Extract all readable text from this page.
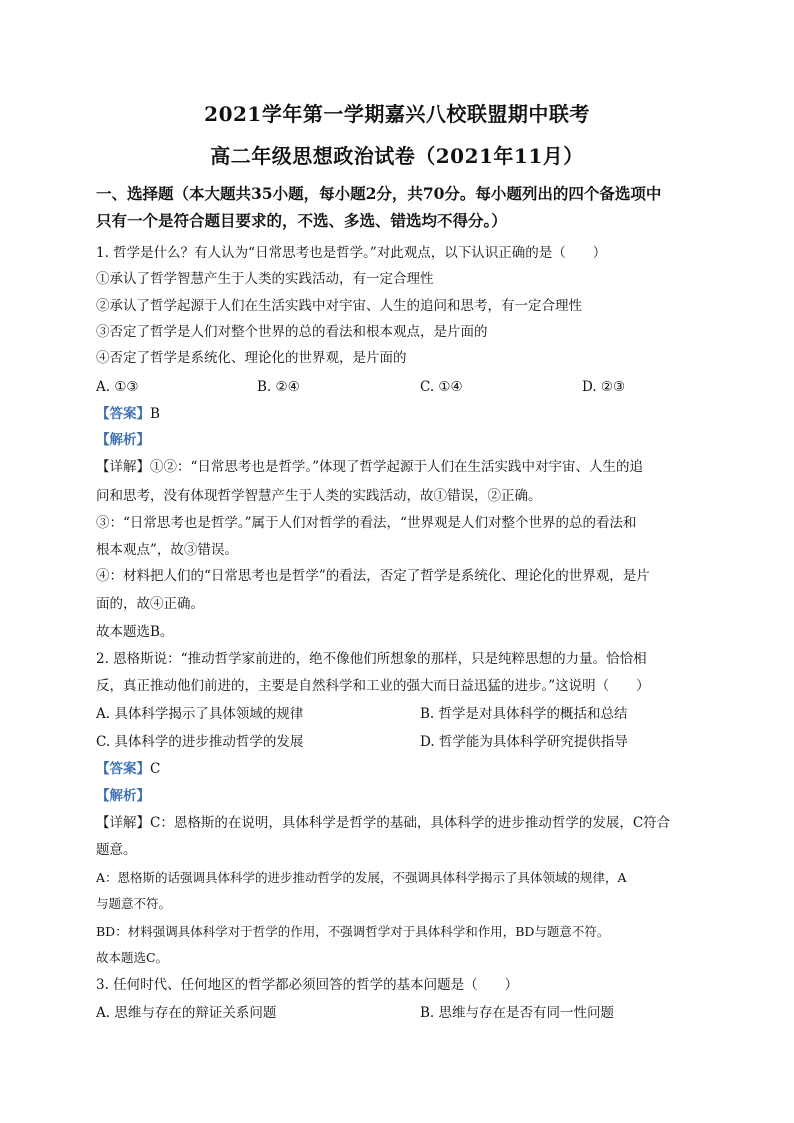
2021学年第一学期嘉兴八校联盟期中联考
高二年级思想政治试卷（2021年11月）
一、选择题（本大题共35小题，每小题2分，共70分。每小题列出的四个备选项中
只有一个是符合题目要求的，不选、多选、错选均不得分。）
1. 哲学是什么？有人认为“日常思考也是哲学。”对此观点，以下认识正确的是（　　）
①承认了哲学智慧产生于人类的实践活动，有一定合理性
②承认了哲学起源于人们在生活实践中对宇宙、人生的追问和思考，有一定合理性
③否定了哲学是人们对整个世界的总的看法和根本观点，是片面的
④否定了哲学是系统化、理论化的世界观，是片面的
A. ①③	B. ②④	C. ①④	D. ②③
【答案】B
【解析】
【详解】①②：“日常思考也是哲学。”体现了哲学起源于人们在生活实践中对宇宙、人生的追
问和思考，没有体现哲学智慧产生于人类的实践活动，故①错误，②正确。
③：“日常思考也是哲学。”属于人们对哲学的看法，“世界观是人们对整个世界的总的看法和
根本观点”，故③错误。
④：材料把人们的“日常思考也是哲学”的看法，否定了哲学是系统化、理论化的世界观，是片
面的，故④正确。
故本题选B。
2. 恩格斯说：“推动哲学家前进的，绝不像他们所想象的那样，只是纯粹思想的力量。恰恰相
反，真正推动他们前进的，主要是自然科学和工业的强大而日益迅猛的进步。”这说明（　　）
A. 具体科学揭示了具体领域的规律	B. 哲学是对具体科学的概括和总结
C. 具体科学的进步推动哲学的发展	D. 哲学能为具体科学研究提供指导
【答案】C
【解析】
【详解】C：恩格斯的在说明，具体科学是哲学的基础，具体科学的进步推动哲学的发展，C符合
题意。
A：恩格斯的话强调具体科学的进步推动哲学的发展，不强调具体科学揭示了具体领域的规律，A
与题意不符。
BD：材料强调具体科学对于哲学的作用，不强调哲学对于具体科学和作用，BD与题意不符。
故本题选C。
3. 任何时代、任何地区的哲学都必须回答的哲学的基本问题是（　　）
A. 思维与存在的辩证关系问题	B. 思维与存在是否有同一性问题
